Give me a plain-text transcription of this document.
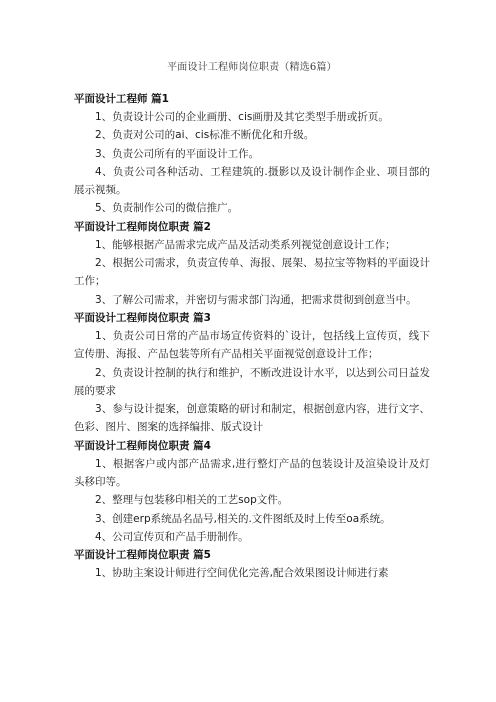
平面设计工程师岗位职责（精选6篇）
平面设计工程师 篇1

1、负责设计公司的企业画册、cis画册及其它类型手册或折页。

2、负责对公司的ai、cis标准不断优化和升级。

3、负责公司所有的平面设计工作。

4、负责公司各种活动、工程建筑的.摄影以及设计制作企业、项目部的展示视频。

5、负责制作公司的微信推广。

平面设计工程师岗位职责 篇2

1、能够根据产品需求完成产品及活动类系列视觉创意设计工作；

2、根据公司需求，负责宣传单、海报、展架、易拉宝等物料的平面设计工作；

3、了解公司需求，并密切与需求部门沟通，把需求贯彻到创意当中。

平面设计工程师岗位职责 篇3

1、负责公司日常的产品市场宣传资料的`设计，包括线上宣传页，线下宣传册、海报、产品包装等所有产品相关平面视觉创意设计工作；

2、负责设计控制的执行和维护，不断改进设计水平，以达到公司日益发展的要求

3、参与设计提案，创意策略的研讨和制定，根据创意内容，进行文字、色彩、图片、图案的选择编排、版式设计

平面设计工程师岗位职责 篇4

1、根据客户或内部产品需求,进行整灯产品的包装设计及渲染设计及灯头移印等。

2、整理与包装移印相关的工艺sop文件。

3、创建erp系统品名品号,相关的.文件图纸及时上传至oa系统。

4、公司宣传页和产品手册制作。

平面设计工程师岗位职责 篇5

1、协助主案设计师进行空间优化完善,配合效果图设计师进行素
